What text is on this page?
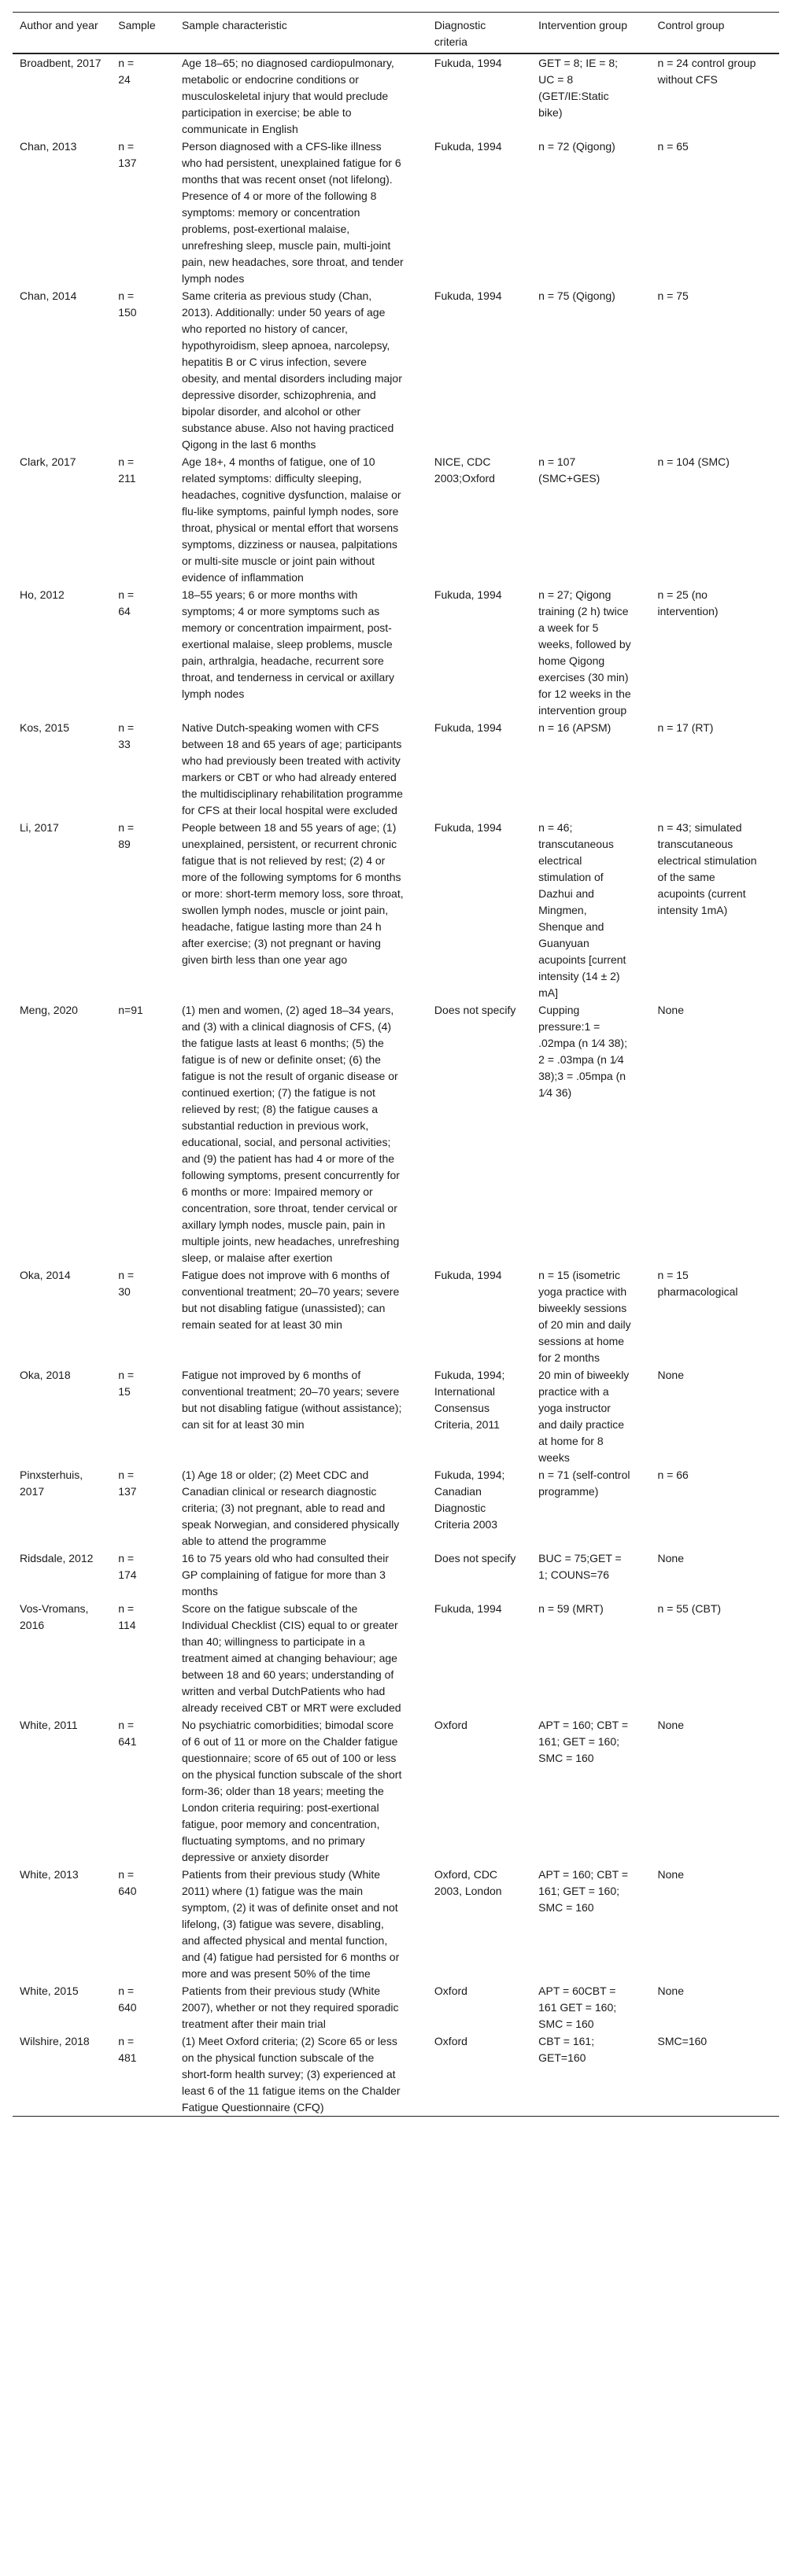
Author and year	Sample	Sample characteristic	Diagnostic criteria	Intervention group	Control group

Broadbent, 2017	n = 24	Age 18–65; no diagnosed cardiopulmonary, metabolic or endocrine conditions or musculoskeletal injury that would preclude participation in exercise; be able to communicate in English	Fukuda, 1994	GET = 8; IE = 8; UC = 8 (GET/IE:Static bike)	n = 24 control group without CFS

Chan, 2013	n = 137	Person diagnosed with a CFS-like illness who had persistent, unexplained fatigue for 6 months that was recent onset (not lifelong). Presence of 4 or more of the following 8 symptoms: memory or concentration problems, post-exertional malaise, unrefreshing sleep, muscle pain, multi-joint pain, new headaches, sore throat, and tender lymph nodes	Fukuda, 1994	n = 72 (Qigong)	n = 65

Chan, 2014	n = 150	Same criteria as previous study (Chan, 2013). Additionally: under 50 years of age who reported no history of cancer, hypothyroidism, sleep apnoea, narcolepsy, hepatitis B or C virus infection, severe obesity, and mental disorders including major depressive disorder, schizophrenia, and bipolar disorder, and alcohol or other substance abuse. Also not having practiced Qigong in the last 6 months	Fukuda, 1994	n = 75 (Qigong)	n = 75

Clark, 2017	n = 211	Age 18+, 4 months of fatigue, one of 10 related symptoms: difficulty sleeping, headaches, cognitive dysfunction, malaise or flu-like symptoms, painful lymph nodes, sore throat, physical or mental effort that worsens symptoms, dizziness or nausea, palpitations or multi-site muscle or joint pain without evidence of inflammation	NICE, CDC 2003;Oxford	n = 107 (SMC+GES)	n = 104 (SMC)

Ho, 2012	n = 64	18–55 years; 6 or more months with symptoms; 4 or more symptoms such as memory or concentration impairment, post-exertional malaise, sleep problems, muscle pain, arthralgia, headache, recurrent sore throat, and tenderness in cervical or axillary lymph nodes	Fukuda, 1994	n = 27; Qigong training (2 h) twice a week for 5 weeks, followed by home Qigong exercises (30 min) for 12 weeks in the intervention group	n = 25 (no intervention)

Kos, 2015	n = 33	Native Dutch-speaking women with CFS between 18 and 65 years of age; participants who had previously been treated with activity markers or CBT or who had already entered the multidisciplinary rehabilitation programme for CFS at their local hospital were excluded	Fukuda, 1994	n = 16 (APSM)	n = 17 (RT)

Li, 2017	n = 89	People between 18 and 55 years of age; (1) unexplained, persistent, or recurrent chronic fatigue that is not relieved by rest; (2) 4 or more of the following symptoms for 6 months or more: short-term memory loss, sore throat, swollen lymph nodes, muscle or joint pain, headache, fatigue lasting more than 24 h after exercise; (3) not pregnant or having given birth less than one year ago	Fukuda, 1994	n = 46; transcutaneous electrical stimulation of Dazhui and Mingmen, Shenque and Guanyuan acupoints [current intensity (14 ± 2) mA]	n = 43; simulated transcutaneous electrical stimulation of the same acupoints (current intensity 1mA)

Meng, 2020	n=91	(1) men and women, (2) aged 18–34 years, and (3) with a clinical diagnosis of CFS, (4) the fatigue lasts at least 6 months; (5) the fatigue is of new or definite onset; (6) the fatigue is not the result of organic disease or continued exertion; (7) the fatigue is not relieved by rest; (8) the fatigue causes a substantial reduction in previous work, educational, social, and personal activities; and (9) the patient has had 4 or more of the following symptoms, present concurrently for 6 months or more: Impaired memory or concentration, sore throat, tender cervical or axillary lymph nodes, muscle pain, pain in multiple joints, new headaches, unrefreshing sleep, or malaise after exertion	Does not specify	Cupping pressure:1 = .02mpa (n 1⁄4 38); 2 = .03mpa (n 1⁄4 38);3 = .05mpa (n 1⁄4 36)	None

Oka, 2014	n = 30	Fatigue does not improve with 6 months of conventional treatment; 20–70 years; severe but not disabling fatigue (unassisted); can remain seated for at least 30 min	Fukuda, 1994	n = 15 (isometric yoga practice with biweekly sessions of 20 min and daily sessions at home for 2 months	n = 15 pharmacological

Oka, 2018	n = 15	Fatigue not improved by 6 months of conventional treatment; 20–70 years; severe but not disabling fatigue (without assistance); can sit for at least 30 min	Fukuda, 1994; International Consensus Criteria, 2011	20 min of biweekly practice with a yoga instructor and daily practice at home for 8 weeks	None

Pinxsterhuis, 2017	n = 137	(1) Age 18 or older; (2) Meet CDC and Canadian clinical or research diagnostic criteria; (3) not pregnant, able to read and speak Norwegian, and considered physically able to attend the programme	Fukuda, 1994; Canadian Diagnostic Criteria 2003	n = 71 (self-control programme)	n = 66

Ridsdale, 2012	n = 174	16 to 75 years old who had consulted their GP complaining of fatigue for more than 3 months	Does not specify	BUC = 75;GET = 1; COUNS=76	None

Vos-Vromans, 2016	n = 114	Score on the fatigue subscale of the Individual Checklist (CIS) equal to or greater than 40; willingness to participate in a treatment aimed at changing behaviour; age between 18 and 60 years; understanding of written and verbal DutchPatients who had already received CBT or MRT were excluded	Fukuda, 1994	n = 59 (MRT)	n = 55 (CBT)

White, 2011	n = 641	No psychiatric comorbidities; bimodal score of 6 out of 11 or more on the Chalder fatigue questionnaire; score of 65 out of 100 or less on the physical function subscale of the short form-36; older than 18 years; meeting the London criteria requiring: post-exertional fatigue, poor memory and concentration, fluctuating symptoms, and no primary depressive or anxiety disorder	Oxford	APT = 160; CBT = 161; GET = 160; SMC = 160	None

White, 2013	n = 640	Patients from their previous study (White 2011) where (1) fatigue was the main symptom, (2) it was of definite onset and not lifelong, (3) fatigue was severe, disabling, and affected physical and mental function, and (4) fatigue had persisted for 6 months or more and was present 50% of the time	Oxford, CDC 2003, London	APT = 160; CBT = 161; GET = 160; SMC = 160	None

White, 2015	n = 640	Patients from their previous study (White 2007), whether or not they required sporadic treatment after their main trial	Oxford	APT = 60CBT = 161 GET = 160; SMC = 160	None

Wilshire, 2018	n = 481	(1) Meet Oxford criteria; (2) Score 65 or less on the physical function subscale of the short-form health survey; (3) experienced at least 6 of the 11 fatigue items on the Chalder Fatigue Questionnaire (CFQ)	Oxford	CBT = 161; GET=160	SMC=160
